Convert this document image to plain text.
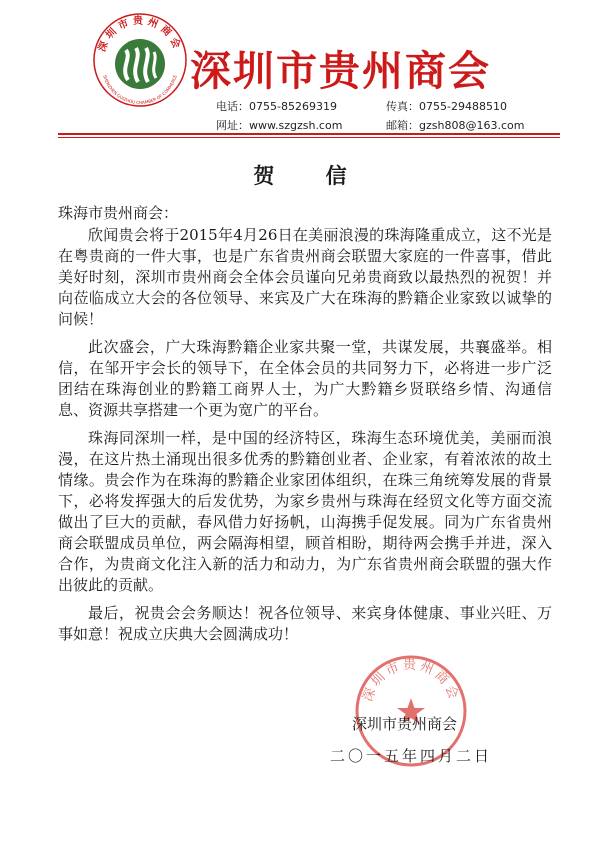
深圳市贵州商会
SHENZHEN GUIZHOU CHAMBER OF COMMERCE 深圳市贵州商会
电话：0755-85269319	传真：0755-29488510
网址：www.szgzsh.com	邮箱：gzsh808@163.com
贺 信
珠海市贵州商会：

欣闻贵会将于2015年4月26日在美丽浪漫的珠海隆重成立，这不光是在粤贵商的一件大事，也是广东省贵州商会联盟大家庭的一件喜事，借此美好时刻，深圳市贵州商会全体会员谨向兄弟贵商致以最热烈的祝贺！并向莅临成立大会的各位领导、来宾及广大在珠海的黔籍企业家致以诚挚的问候！

此次盛会，广大珠海黔籍企业家共聚一堂，共谋发展，共襄盛举。相信，在邹开宇会长的领导下，在全体会员的共同努力下，必将进一步广泛团结在珠海创业的黔籍工商界人士，为广大黔籍乡贤联络乡情、沟通信息、资源共享搭建一个更为宽广的平台。

珠海同深圳一样，是中国的经济特区，珠海生态环境优美，美丽而浪漫，在这片热土涌现出很多优秀的黔籍创业者、企业家，有着浓浓的故土情缘。贵会作为在珠海的黔籍企业家团体组织，在珠三角统筹发展的背景下，必将发挥强大的后发优势，为家乡贵州与珠海在经贸文化等方面交流做出了巨大的贡献，春风借力好扬帆，山海携手促发展。同为广东省贵州商会联盟成员单位，两会隔海相望，顾首相盼，期待两会携手并进，深入合作，为贵商文化注入新的活力和动力，为广东省贵州商会联盟的强大作出彼此的贡献。

最后，祝贵会会务顺达！祝各位领导、来宾身体健康、事业兴旺、万事如意！祝成立庆典大会圆满成功！

深圳市贵州商会
深圳市贵州商会
二〇一五年四月二日
